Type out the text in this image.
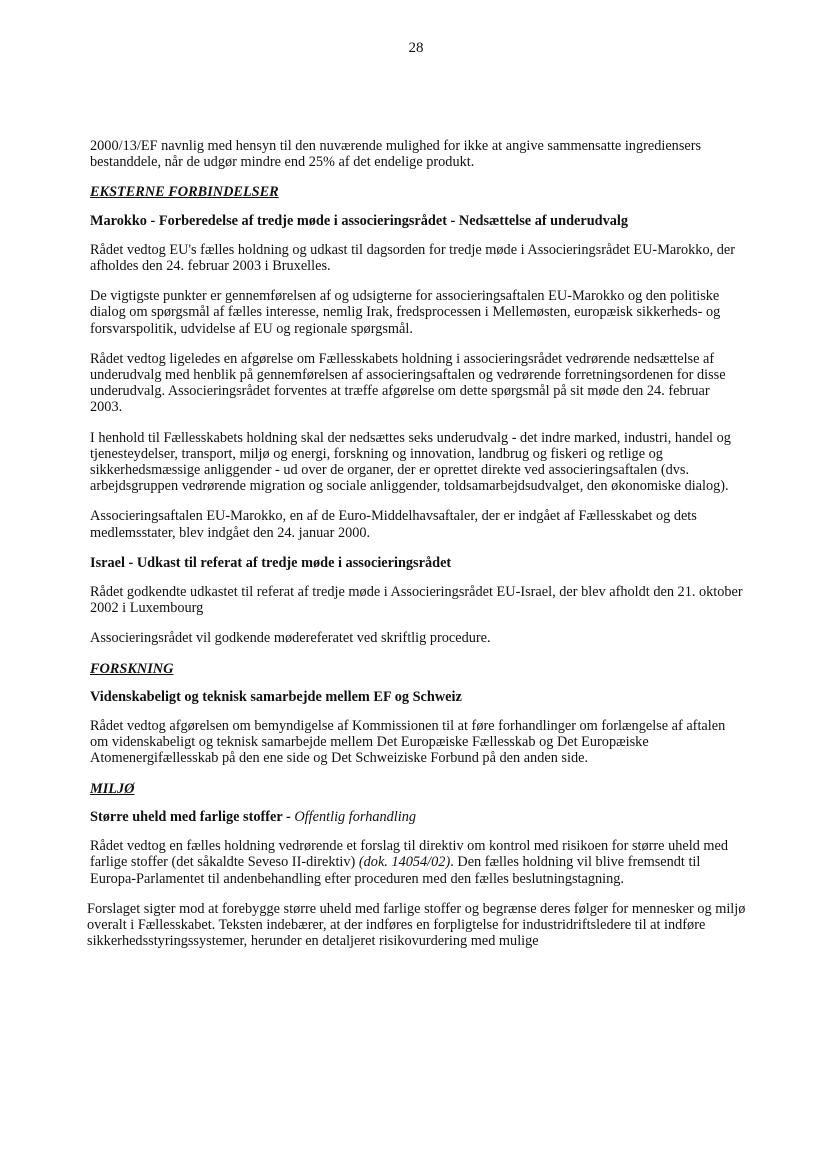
28

2000/13/EF navnlig med hensyn til den nuværende mulighed for ikke at angive sammensatte ingrediensers bestanddele, når de udgør mindre end 25% af det endelige produkt.

EKSTERNE FORBINDELSER
Marokko - Forberedelse af tredje møde i associeringsrådet - Nedsættelse af underudvalg

Rådet vedtog EU's fælles holdning og udkast til dagsorden for tredje møde i Associeringsrådet EU-Marokko, der afholdes den 24. februar 2003 i Bruxelles.

De vigtigste punkter er gennemførelsen af og udsigterne for associeringsaftalen EU-Marokko og den politiske dialog om spørgsmål af fælles interesse, nemlig Irak, fredsprocessen i Mellemøsten, europæisk sikkerheds- og forsvarspolitik, udvidelse af EU og regionale spørgsmål.

Rådet vedtog ligeledes en afgørelse om Fællesskabets holdning i associeringsrådet vedrørende nedsættelse af underudvalg med henblik på gennemførelsen af associeringsaftalen og vedrørende forretningsordenen for disse underudvalg. Associeringsrådet forventes at træffe afgørelse om dette spørgsmål på sit møde den 24. februar 2003.

I henhold til Fællesskabets holdning skal der nedsættes seks underudvalg - det indre marked, industri, handel og tjenesteydelser, transport, miljø og energi, forskning og innovation, landbrug og fiskeri og retlige og sikkerhedsmæssige anliggender - ud over de organer, der er oprettet direkte ved associeringsaftalen (dvs. arbejdsgruppen vedrørende migration og sociale anliggender, toldsamarbejdsudvalget, den økonomiske dialog).

Associeringsaftalen EU-Marokko, en af de Euro-Middelhavsaftaler, der er indgået af Fællesskabet og dets medlemsstater, blev indgået den 24. januar 2000.

Israel - Udkast til referat af tredje møde i associeringsrådet

Rådet godkendte udkastet til referat af tredje møde i Associeringsrådet EU-Israel, der blev afholdt den 21. oktober 2002 i Luxembourg

Associeringsrådet vil godkende mødereferatet ved skriftlig procedure.

FORSKNING
Videnskabeligt og teknisk samarbejde mellem EF og Schweiz

Rådet vedtog afgørelsen om bemyndigelse af Kommissionen til at føre forhandlinger om forlængelse af aftalen om videnskabeligt og teknisk samarbejde mellem Det Europæiske Fællesskab og Det Europæiske Atomenergifællesskab på den ene side og Det Schweiziske Forbund på den anden side.

MILJØ
Større uheld med farlige stoffer - Offentlig forhandling

Rådet vedtog en fælles holdning vedrørende et forslag til direktiv om kontrol med risikoen for større uheld med farlige stoffer (det såkaldte Seveso II-direktiv) (dok. 14054/02). Den fælles holdning vil blive fremsendt til Europa-Parlamentet til andenbehandling efter proceduren med den fælles beslutningstagning.

Forslaget sigter mod at forebygge større uheld med farlige stoffer og begrænse deres følger for mennesker og miljø overalt i Fællesskabet. Teksten indebærer, at der indføres en forpligtelse for industridriftsledere til at indføre sikkerhedsstyringssystemer, herunder en detaljeret risikovurdering med mulige
